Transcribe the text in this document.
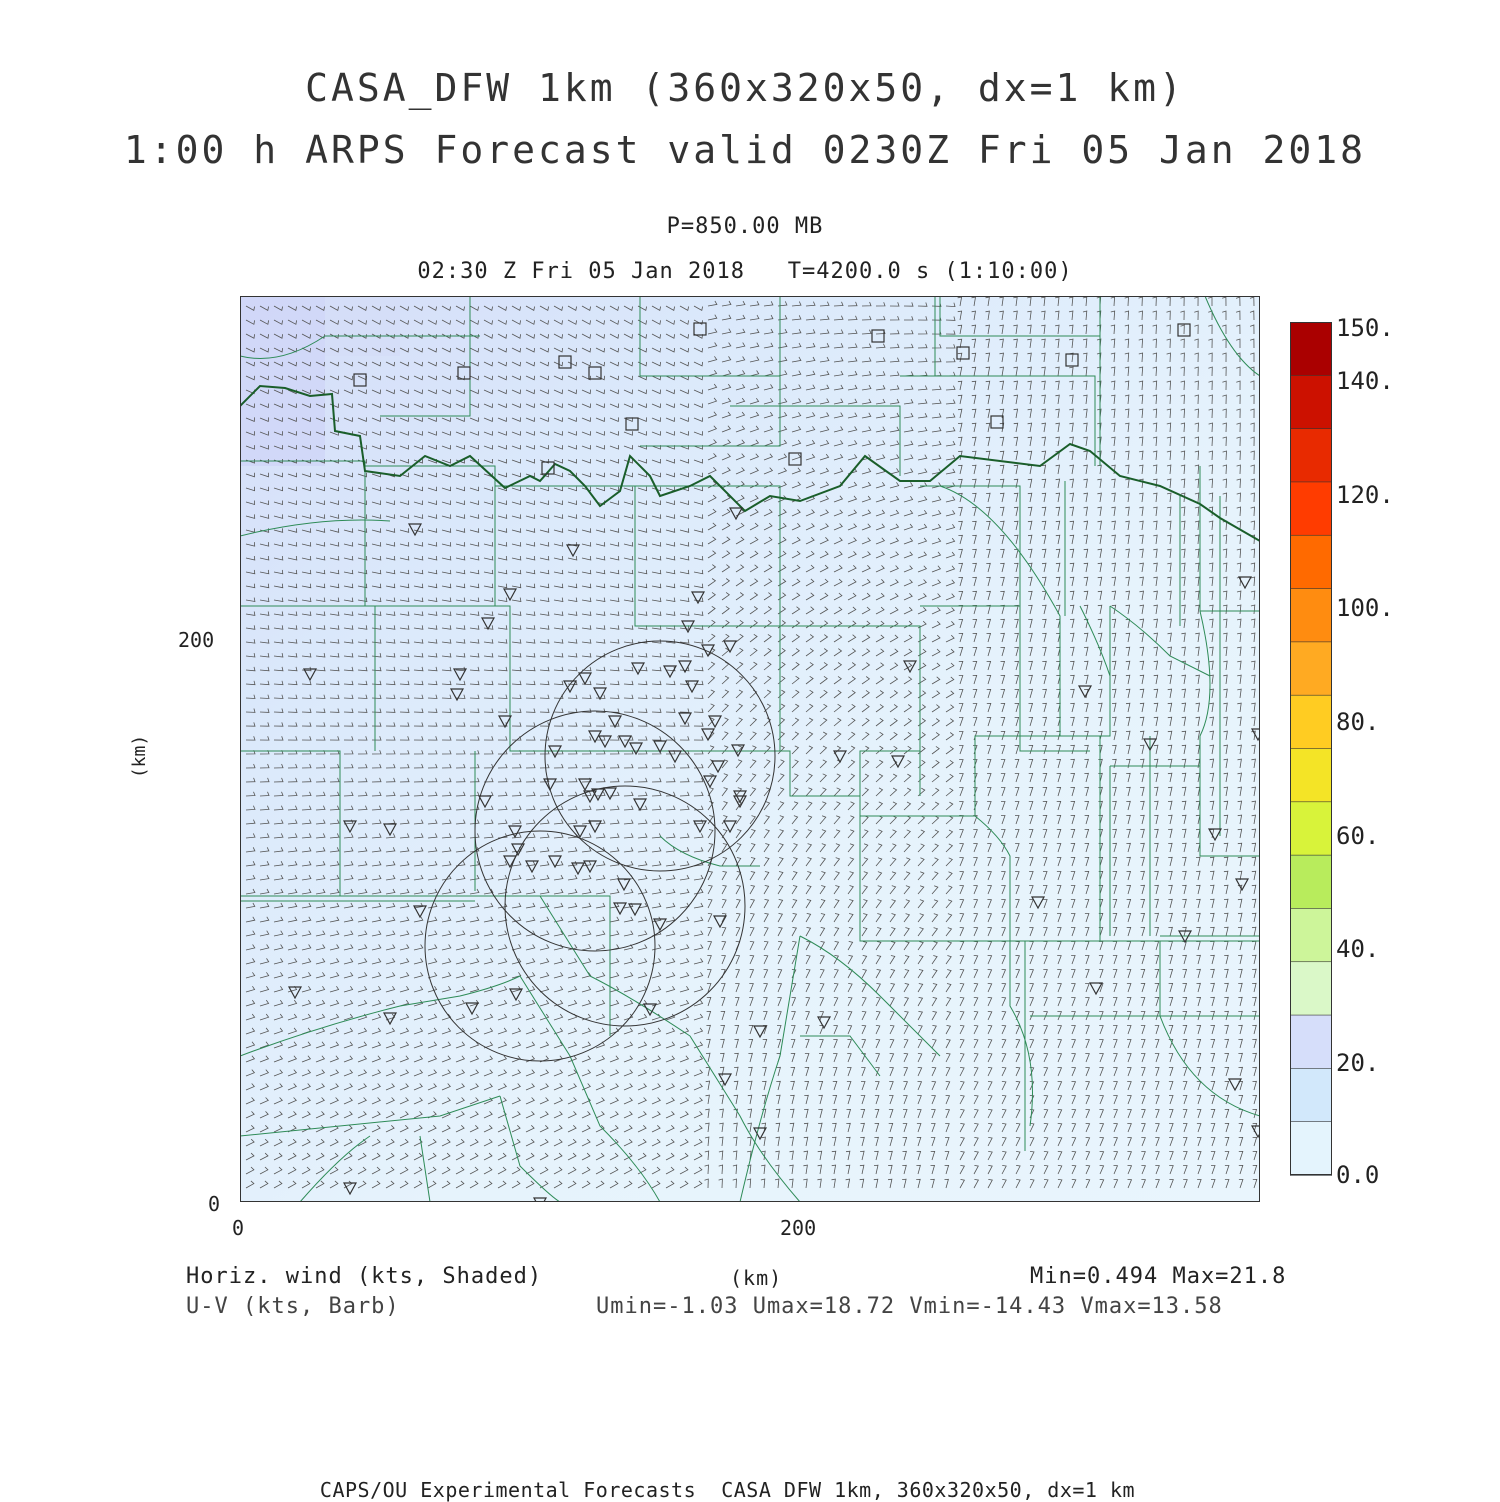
CASA_DFW 1km (360x320x50, dx=1 km)
1:00 h ARPS Forecast valid 0230Z Fri 05 Jan 2018
P=850.00 MB
02:30 Z Fri 05 Jan 2018   T=4200.0 s (1:10:00)
200
0
0	200
(km)
150.
140.
120.
100.
80.
60.
40.
20.
0.0
Horiz. wind (kts, Shaded)
U-V (kts, Barb)
(km)	Min=0.494 Max=21.8
Umin=-1.03 Umax=18.72 Vmin=-14.43 Vmax=13.58
CAPS/OU Experimental Forecasts  CASA DFW 1km, 360x320x50, dx=1 km
